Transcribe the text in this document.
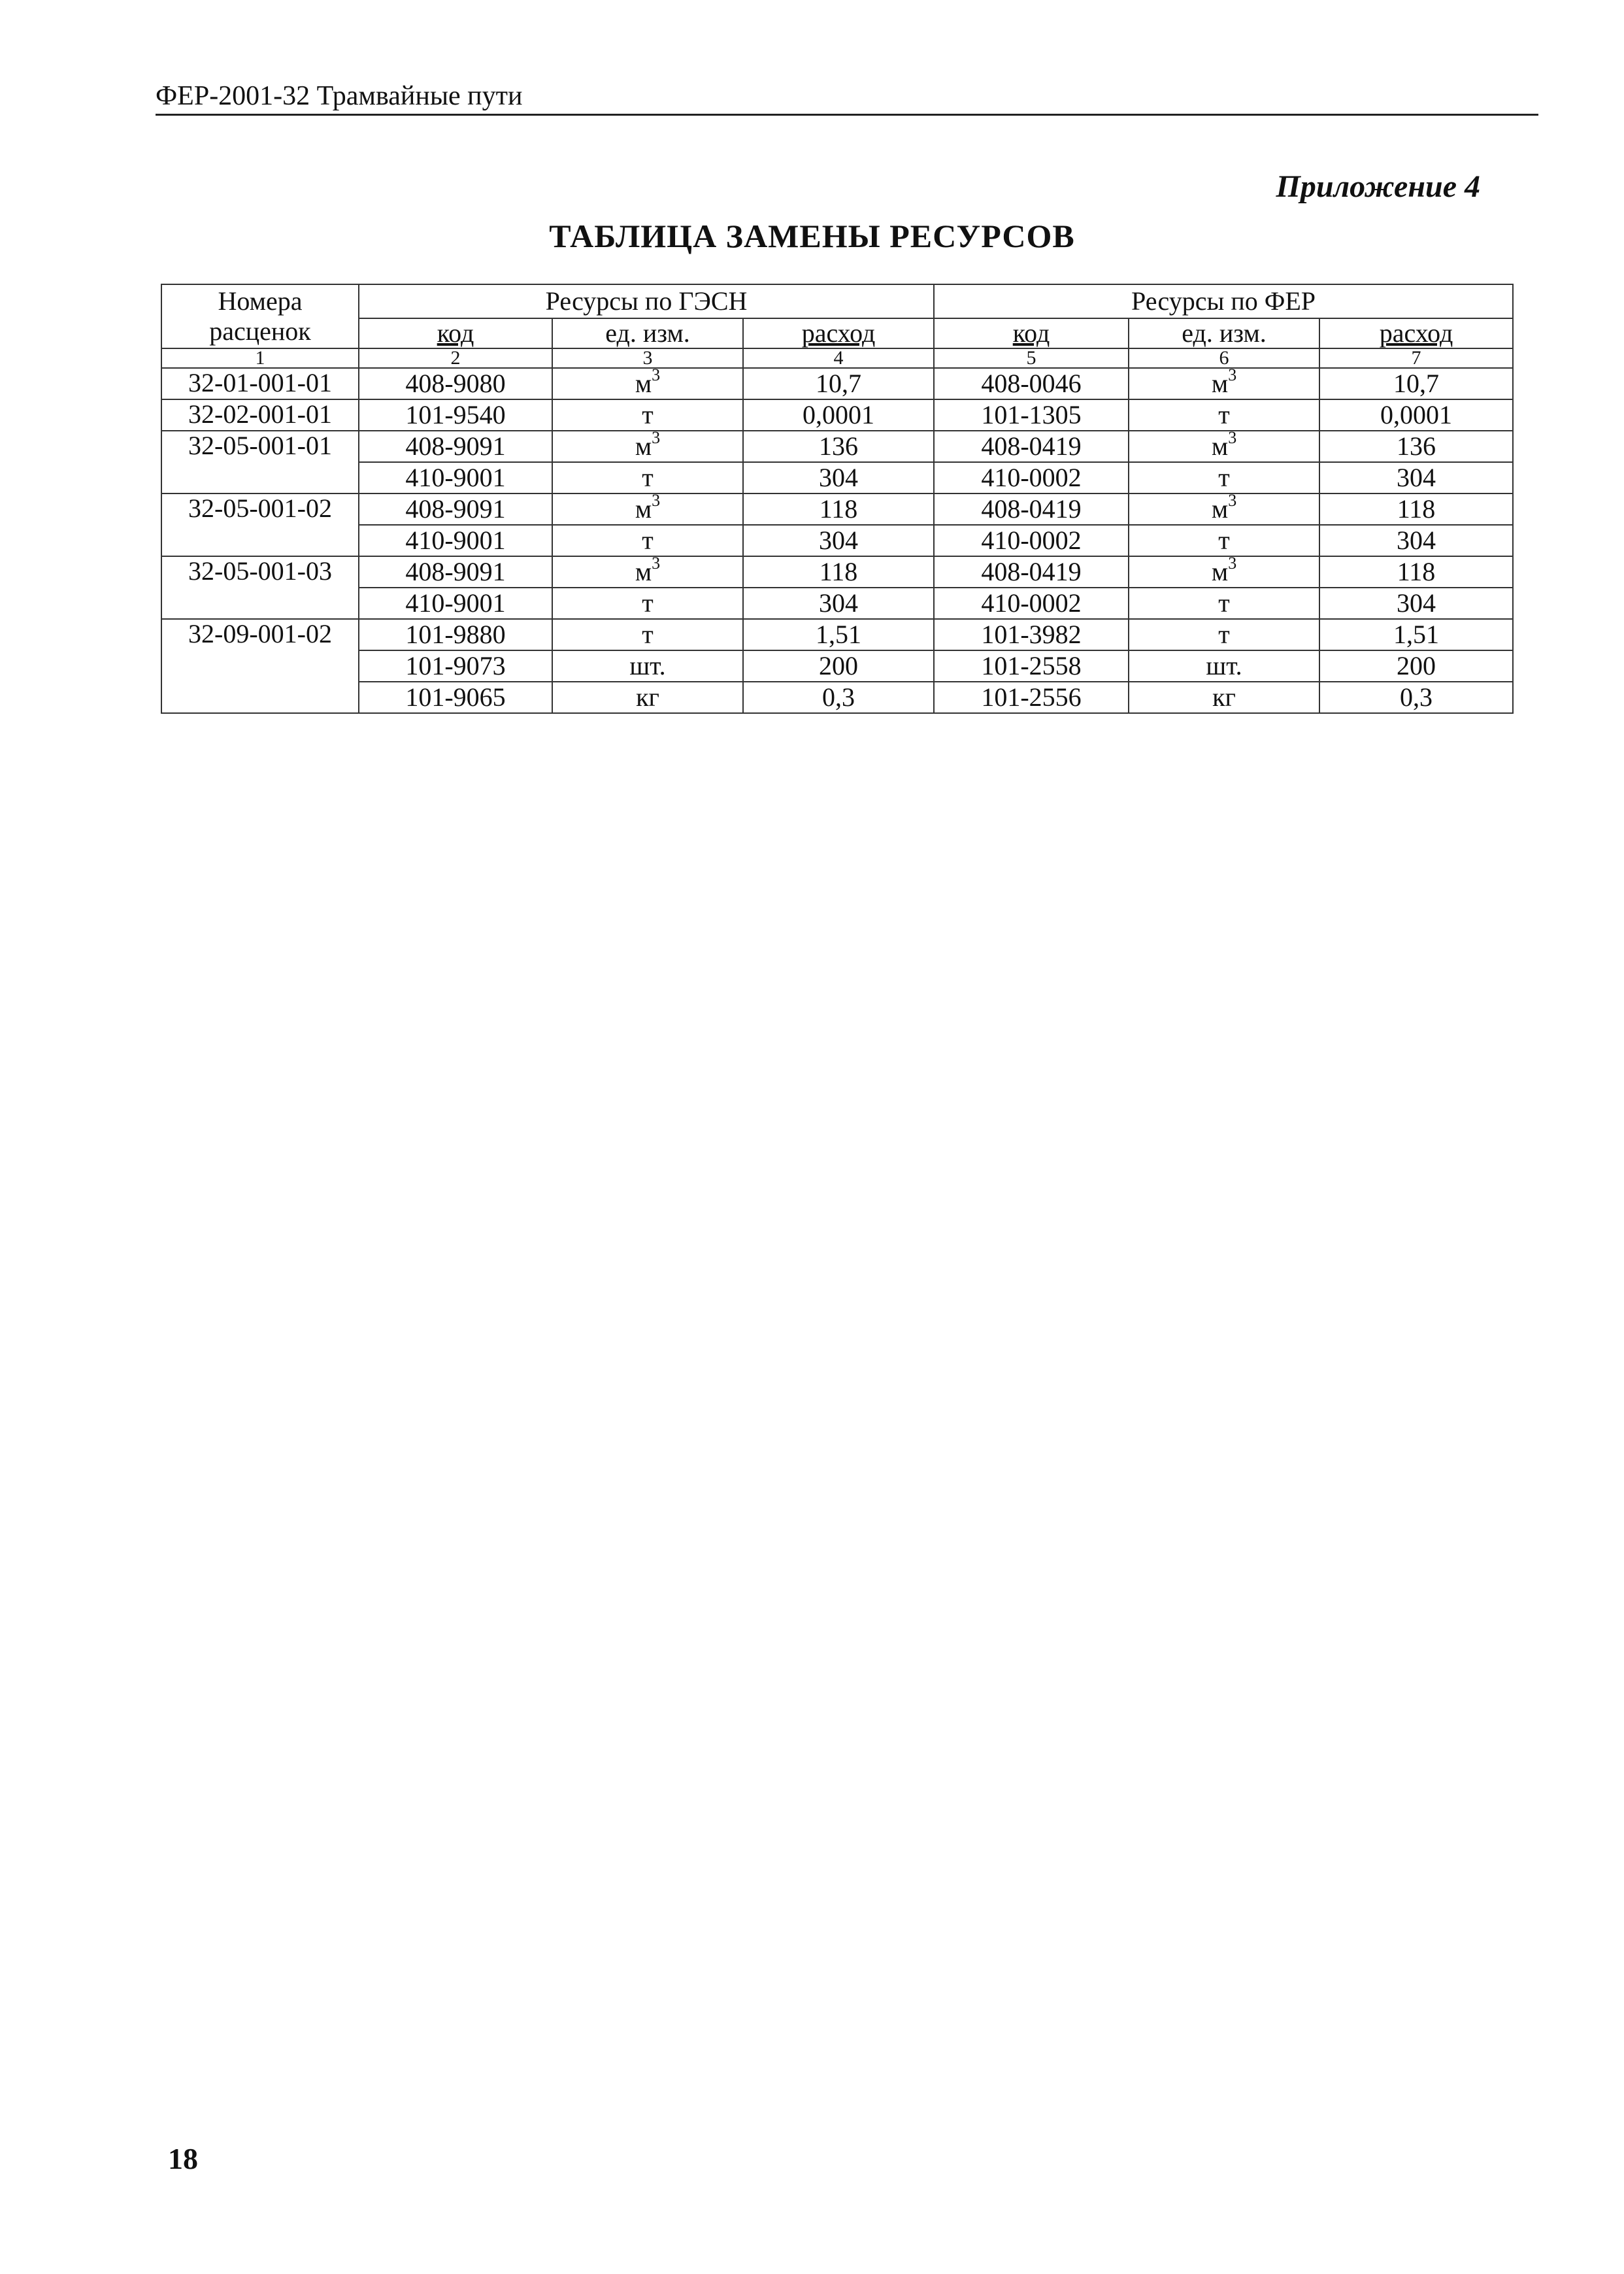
ФЕР-2001-32 Трамвайные пути
Приложение 4
ТАБЛИЦА ЗАМЕНЫ РЕСУРСОВ
Номера расценок	Ресурсы по ГЭСН			Ресурсы по ФЕР		
	код	ед. изм.	расход	код	ед. изм.	расход
1	2	3	4	5	6	7
32-01-001-01	408-9080	$м^3$	10,7	408-0046	$м^3$	10,7
32-02-001-01	101-9540	т	0,0001	101-1305	т	0,0001
32-05-001-01	408-9091	$м^3$	136	408-0419	$м^3$	136
	410-9001	т	304	410-0002	т	304
32-05-001-02	408-9091	$м^3$	118	408-0419	$м^3$	118
	410-9001	т	304	410-0002	т	304
32-05-001-03	408-9091	$м^3$	118	408-0419	$м^3$	118
	410-9001	т	304	410-0002	т	304
32-09-001-02	101-9880	т	1,51	101-3982	т	1,51
	101-9073	шт.	200	101-2558	шт.	200
	101-9065	кг	0,3	101-2556	кг	0,3
18
